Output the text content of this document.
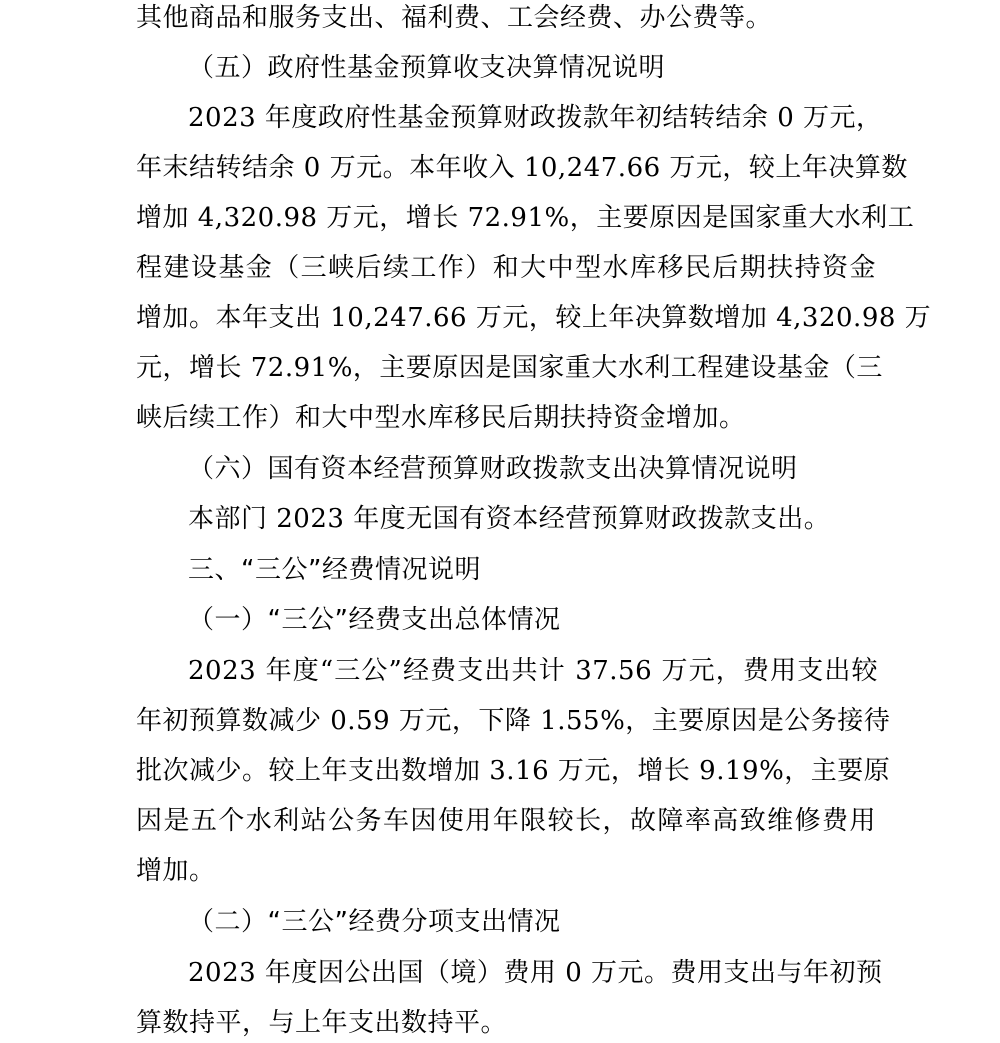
其他商品和服务支出、福利费、工会经费、办公费等。
（五）政府性基金预算收支决算情况说明
2023 年度政府性基金预算财政拨款年初结转结余 0 万元，
年末结转结余 0 万元。本年收入 10,247.66 万元，较上年决算数
增加 4,320.98 万元，增长 72.91%，主要原因是国家重大水利工
程建设基金（三峡后续工作）和大中型水库移民后期扶持资金
增加。本年支出 10,247.66 万元，较上年决算数增加 4,320.98 万
元，增长 72.91%，主要原因是国家重大水利工程建设基金（三
峡后续工作）和大中型水库移民后期扶持资金增加。
（六）国有资本经营预算财政拨款支出决算情况说明
本部门 2023 年度无国有资本经营预算财政拨款支出。
三、“三公”经费情况说明
（一）“三公”经费支出总体情况
2023 年度“三公”经费支出共计 37.56 万元，费用支出较
年初预算数减少 0.59 万元，下降 1.55%，主要原因是公务接待
批次减少。较上年支出数增加 3.16 万元，增长 9.19%，主要原
因是五个水利站公务车因使用年限较长，故障率高致维修费用
增加。
（二）“三公”经费分项支出情况
2023 年度因公出国（境）费用 0 万元。费用支出与年初预
算数持平，与上年支出数持平。
